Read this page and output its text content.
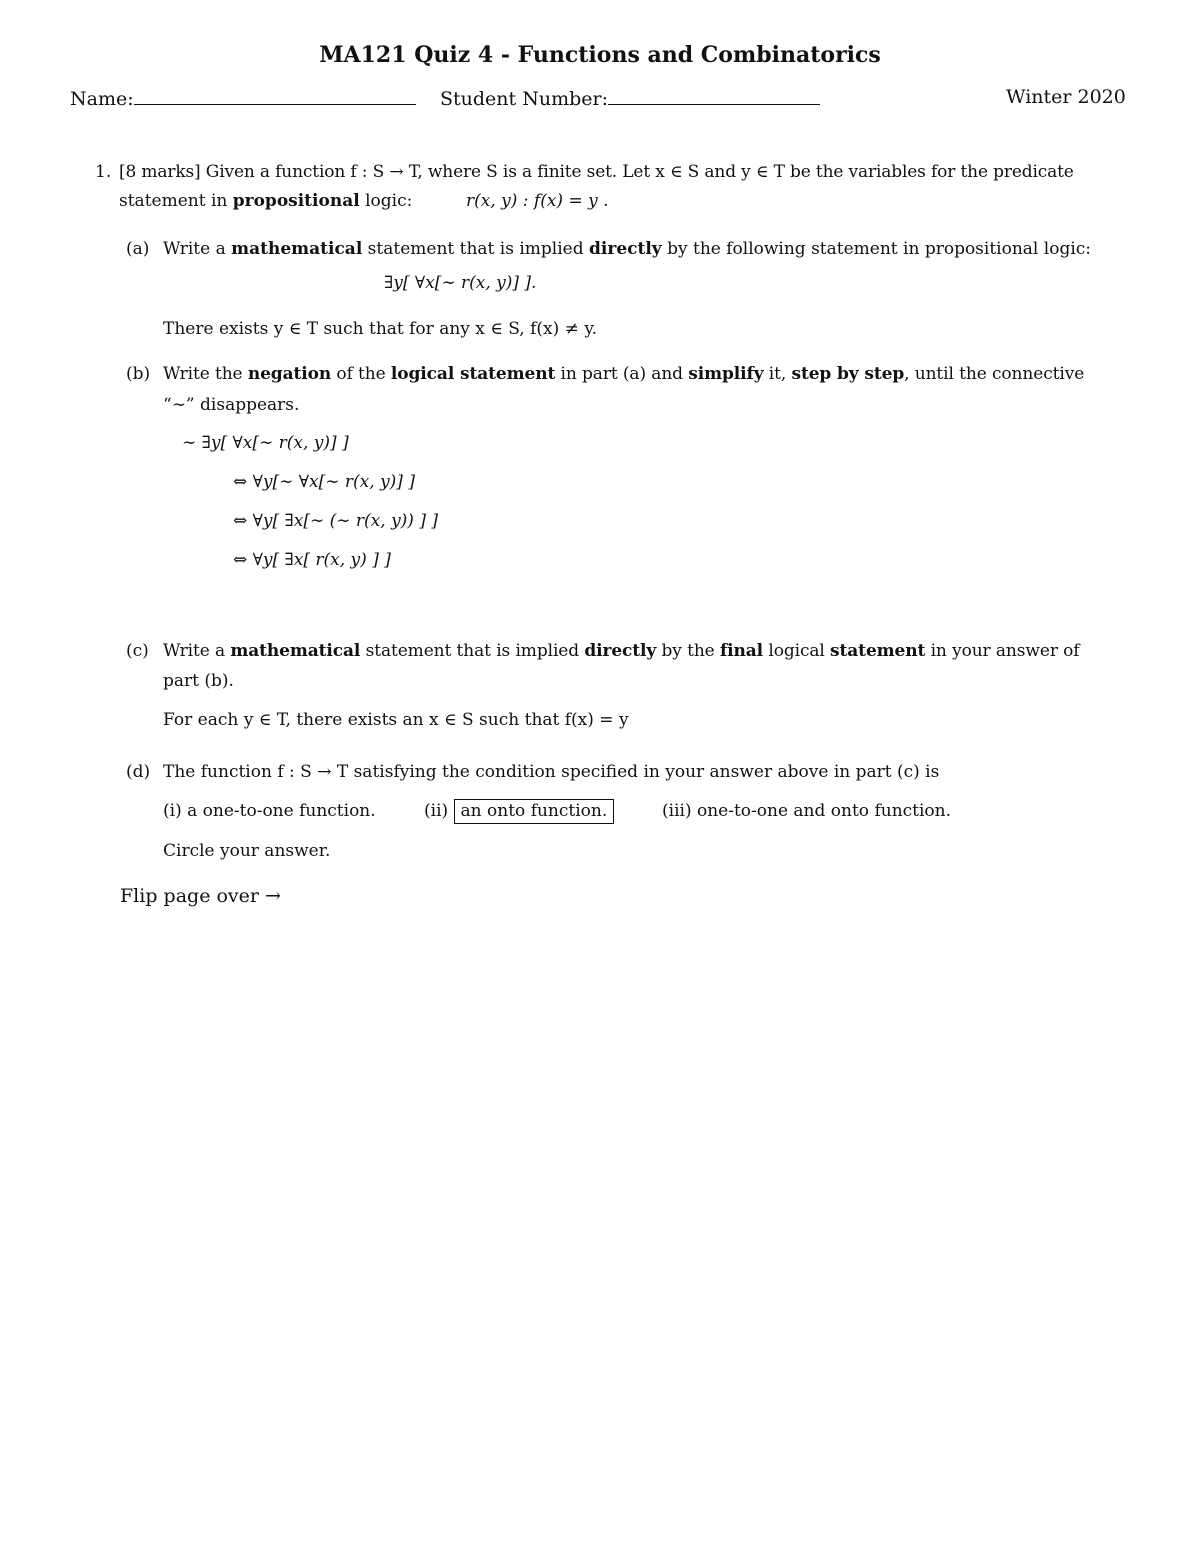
MA121 Quiz 4 - Functions and Combinatorics
Name:	Student Number:	Winter 2020
1. [8 marks] Given a function f : S → T, where S is a finite set. Let x ∈ S and y ∈ T be the variables for the predicate
statement in propositional logic:	r(x, y) : f(x) = y .
(a) Write a mathematical statement that is implied directly by the following statement in propositional logic:
∃y[ ∀x[∼ r(x, y)] ].
There exists y ∈ T such that for any x ∈ S, f(x) ≠ y.
(b) Write the negation of the logical statement in part (a) and simplify it, step by step, until the connective
“∼” disappears.
∼ ∃y[ ∀x[∼ r(x, y)] ]
⇔ ∀y[∼ ∀x[∼ r(x, y)] ]
⇔ ∀y[ ∃x[∼ (∼ r(x, y)) ] ]
⇔ ∀y[ ∃x[ r(x, y) ] ]
(c) Write a mathematical statement that is implied directly by the final logical statement in your answer of
part (b).
For each y ∈ T, there exists an x ∈ S such that f(x) = y
(d) The function f : S → T satisfying the condition specified in your answer above in part (c) is
(i) a one-to-one function.	(ii) an onto function.	(iii) one-to-one and onto function.
Circle your answer.
Flip page over →
